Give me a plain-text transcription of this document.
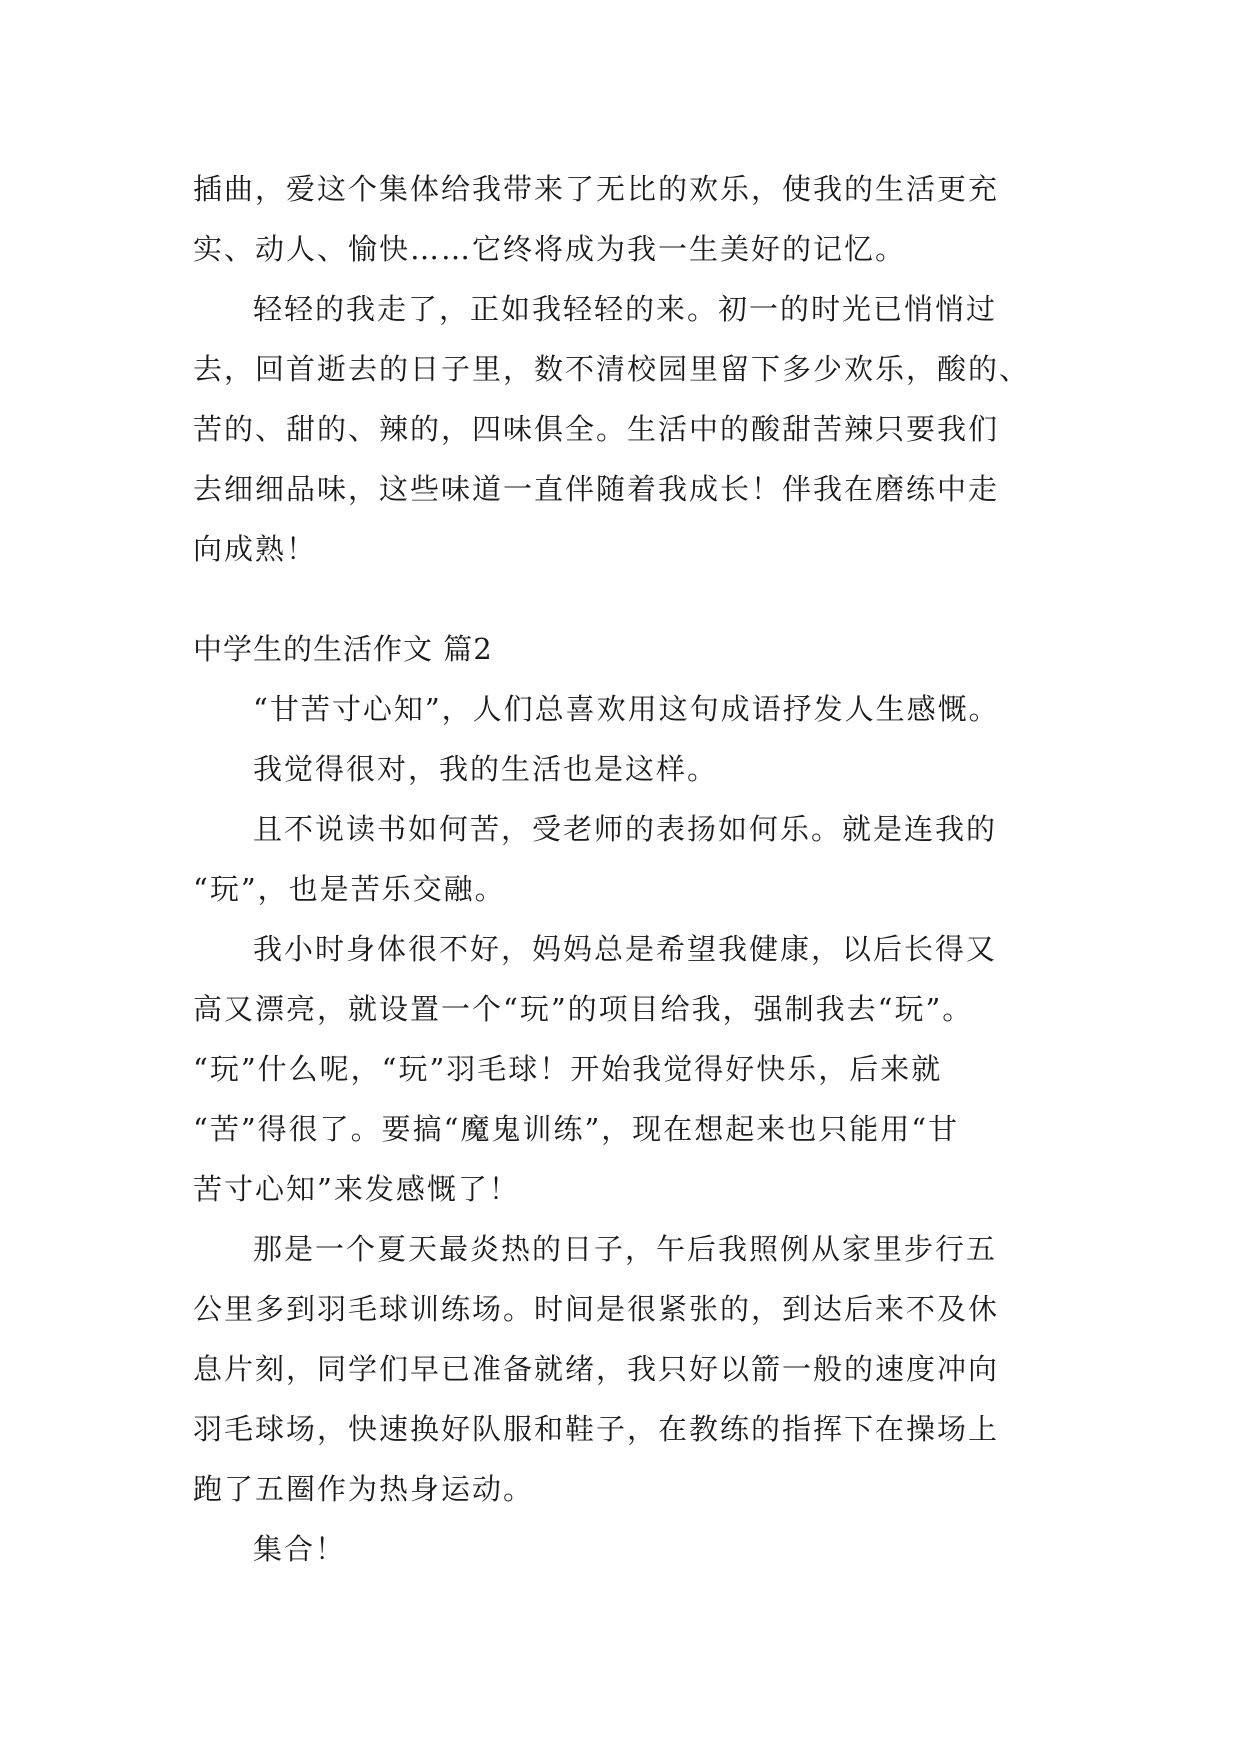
插曲，爱这个集体给我带来了无比的欢乐，使我的生活更充
实、动人、愉快……它终将成为我一生美好的记忆。
轻轻的我走了，正如我轻轻的来。初一的时光已悄悄过
去，回首逝去的日子里，数不清校园里留下多少欢乐，酸的、
苦的、甜的、辣的，四味俱全。生活中的酸甜苦辣只要我们
去细细品味，这些味道一直伴随着我成长！伴我在磨练中走
向成熟！
中学生的生活作文 篇2
“甘苦寸心知”，人们总喜欢用这句成语抒发人生感慨。
我觉得很对，我的生活也是这样。
且不说读书如何苦，受老师的表扬如何乐。就是连我的
“玩”，也是苦乐交融。
我小时身体很不好，妈妈总是希望我健康，以后长得又
高又漂亮，就设置一个“玩”的项目给我，强制我去“玩”。
“玩”什么呢，“玩”羽毛球！开始我觉得好快乐，后来就
“苦”得很了。要搞“魔鬼训练”，现在想起来也只能用“甘
苦寸心知”来发感慨了！
那是一个夏天最炎热的日子，午后我照例从家里步行五
公里多到羽毛球训练场。时间是很紧张的，到达后来不及休
息片刻，同学们早已准备就绪，我只好以箭一般的速度冲向
羽毛球场，快速换好队服和鞋子，在教练的指挥下在操场上
跑了五圈作为热身运动。
集合！
